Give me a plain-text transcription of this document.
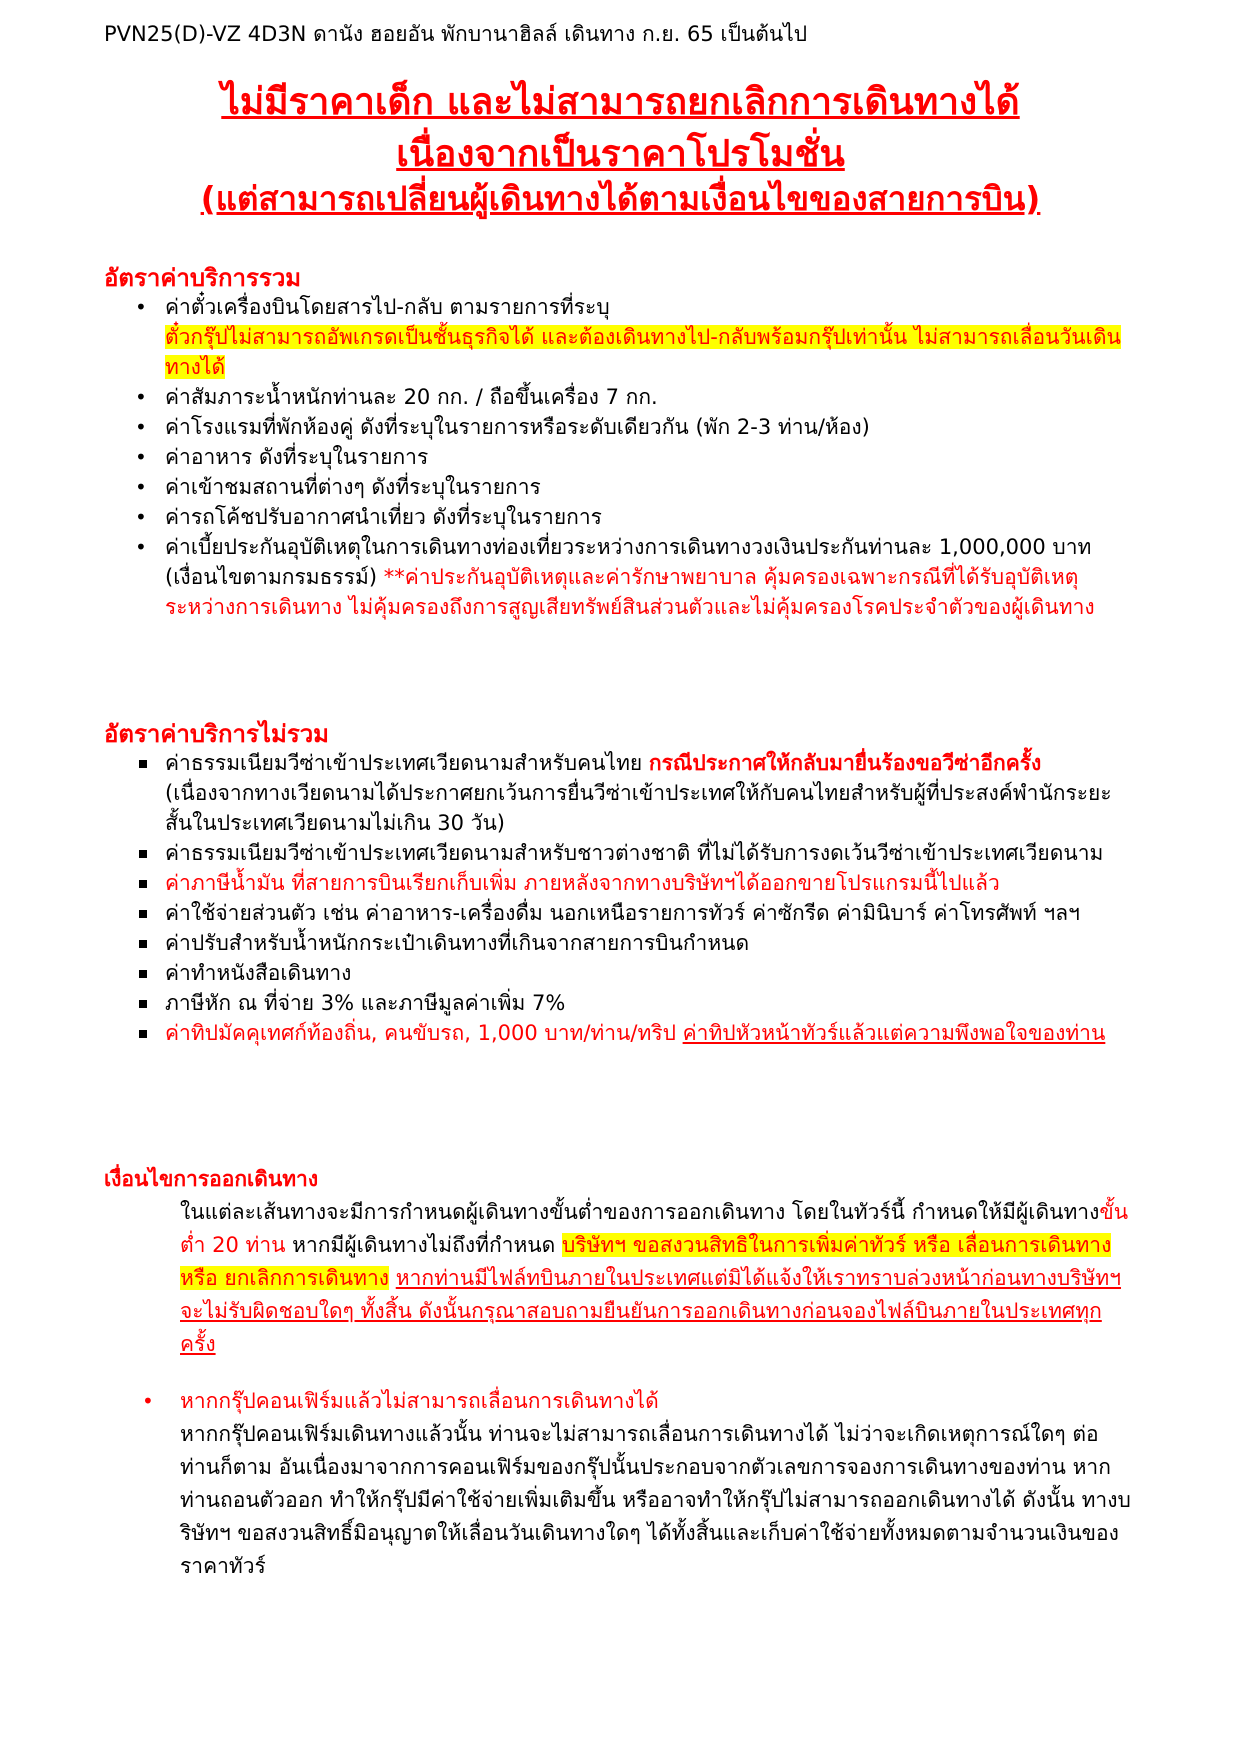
PVN25(D)-VZ 4D3N ดานัง ฮอยอัน พักบานาฮิลล์ เดินทาง ก.ย. 65 เป็นต้นไป
ไม่มีราคาเด็ก และไม่สามารถยกเลิกการเดินทางได้
เนื่องจากเป็นราคาโปรโมชั่น
(แต่สามารถเปลี่ยนผู้เดินทางได้ตามเงื่อนไขของสายการบิน)
อัตราค่าบริการรวม
• ค่าตั๋วเครื่องบินโดยสารไป-กลับ ตามรายการที่ระบุ
ตั๋วกรุ๊ปไม่สามารถอัพเกรดเป็นชั้นธุรกิจได้ และต้องเดินทางไป-กลับพร้อมกรุ๊ปเท่านั้น ไม่สามารถเลื่อนวันเดินทางได้
• ค่าสัมภาระน้ำหนักท่านละ 20 กก. / ถือขึ้นเครื่อง 7 กก.
• ค่าโรงแรมที่พักห้องคู่ ดังที่ระบุในรายการหรือระดับเดียวกัน (พัก 2-3 ท่าน/ห้อง)
• ค่าอาหาร ดังที่ระบุในรายการ
• ค่าเข้าชมสถานที่ต่างๆ ดังที่ระบุในรายการ
• ค่ารถโค้ชปรับอากาศนำเที่ยว ดังที่ระบุในรายการ
• ค่าเบี้ยประกันอุบัติเหตุในการเดินทางท่องเที่ยวระหว่างการเดินทางวงเงินประกันท่านละ 1,000,000 บาท (เงื่อนไขตามกรมธรรม์) **ค่าประกันอุบัติเหตุและค่ารักษาพยาบาล คุ้มครองเฉพาะกรณีที่ได้รับอุบัติเหตุระหว่างการเดินทาง ไม่คุ้มครองถึงการสูญเสียทรัพย์สินส่วนตัวและไม่คุ้มครองโรคประจำตัวของผู้เดินทาง
อัตราค่าบริการไม่รวม
ค่าธรรมเนียมวีซ่าเข้าประเทศเวียดนามสำหรับคนไทย กรณีประกาศให้กลับมายื่นร้องขอวีซ่าอีกครั้ง (เนื่องจากทางเวียดนามได้ประกาศยกเว้นการยื่นวีซ่าเข้าประเทศให้กับคนไทยสำหรับผู้ที่ประสงค์พำนักระยะสั้นในประเทศเวียดนามไม่เกิน 30 วัน)
ค่าธรรมเนียมวีซ่าเข้าประเทศเวียดนามสำหรับชาวต่างชาติ ที่ไม่ได้รับการงดเว้นวีซ่าเข้าประเทศเวียดนาม
ค่าภาษีน้ำมัน ที่สายการบินเรียกเก็บเพิ่ม ภายหลังจากทางบริษัทฯได้ออกขายโปรแกรมนี้ไปแล้ว
ค่าใช้จ่ายส่วนตัว เช่น ค่าอาหาร-เครื่องดื่ม นอกเหนือรายการทัวร์ ค่าซักรีด ค่ามินิบาร์ ค่าโทรศัพท์ ฯลฯ
ค่าปรับสำหรับน้ำหนักกระเป๋าเดินทางที่เกินจากสายการบินกำหนด
ค่าทำหนังสือเดินทาง
ภาษีหัก ณ ที่จ่าย 3% และภาษีมูลค่าเพิ่ม 7%
ค่าทิปมัคคุเทศก์ท้องถิ่น, คนขับรถ, 1,000 บาท/ท่าน/ทริป ค่าทิปหัวหน้าทัวร์แล้วแต่ความพึงพอใจของท่าน
เงื่อนไขการออกเดินทาง
ในแต่ละเส้นทางจะมีการกำหนดผู้เดินทางขั้นต่ำของการออกเดินทาง โดยในทัวร์นี้ กำหนดให้มีผู้เดินทางขั้นต่ำ 20 ท่าน หากมีผู้เดินทางไม่ถึงที่กำหนด บริษัทฯ ขอสงวนสิทธิในการเพิ่มค่าทัวร์ หรือ เลื่อนการเดินทาง หรือ ยกเลิกการเดินทาง หากท่านมีไฟล์ทบินภายในประเทศแต่มิได้แจ้งให้เราทราบล่วงหน้าก่อนทางบริษัทฯ จะไม่รับผิดชอบใดๆ ทั้งสิ้น ดังนั้นกรุณาสอบถามยืนยันการออกเดินทางก่อนจองไฟล์บินภายในประเทศทุกครั้ง
• หากกรุ๊ปคอนเฟิร์มแล้วไม่สามารถเลื่อนการเดินทางได้
หากกรุ๊ปคอนเฟิร์มเดินทางแล้วนั้น ท่านจะไม่สามารถเลื่อนการเดินทางได้ ไม่ว่าจะเกิดเหตุการณ์ใดๆ ต่อท่านก็ตาม อันเนื่องมาจากการคอนเฟิร์มของกรุ๊ปนั้นประกอบจากตัวเลขการจองการเดินทางของท่าน หากท่านถอนตัวออก ทำให้กรุ๊ปมีค่าใช้จ่ายเพิ่มเติมขึ้น หรืออาจทำให้กรุ๊ปไม่สามารถออกเดินทางได้ ดังนั้น ทางบริษัทฯ ขอสงวนสิทธิ์มิอนุญาตให้เลื่อนวันเดินทางใดๆ ได้ทั้งสิ้นและเก็บค่าใช้จ่ายทั้งหมดตามจำนวนเงินของราคาทัวร์
